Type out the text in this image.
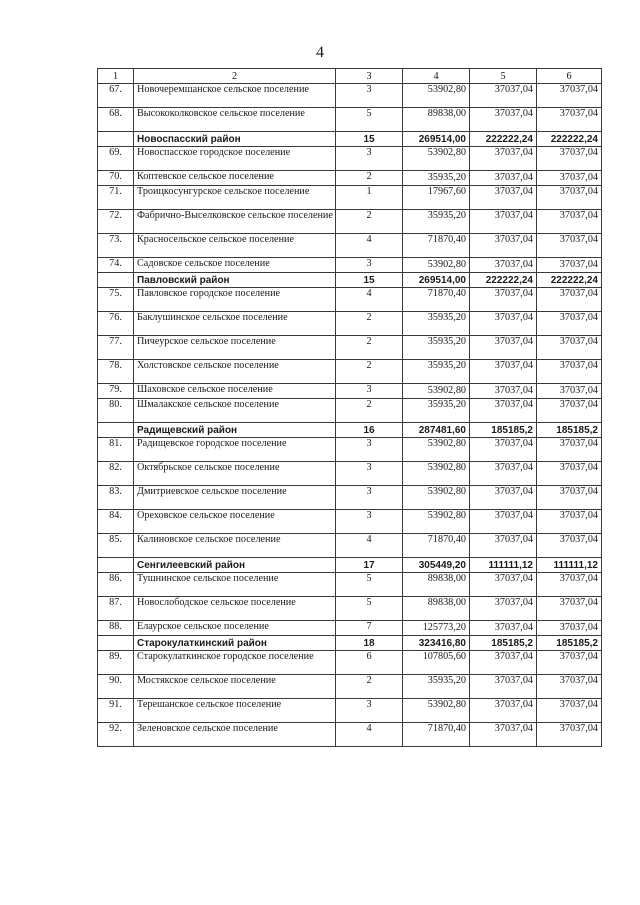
4
1	2	3	4	5	6
67.	Новочеремшанское сельское поселение	3	53902,80	37037,04	37037,04
68.	Высококолковское сельское поселение	5	89838,00	37037,04	37037,04
	Новоспасский район	15	269514,00	222222,24	222222,24
69.	Новоспасское городское поселение	3	53902,80	37037,04	37037,04
70.	Коптевское сельское поселение	2	35935,20	37037,04	37037,04
71.	Троицкосунгурское сельское поселение	1	17967,60	37037,04	37037,04
72.	Фабрично-Выселковское сельское поселение	2	35935,20	37037,04	37037,04
73.	Красносельское сельское поселение	4	71870,40	37037,04	37037,04
74.	Садовское сельское поселение	3	53902,80	37037,04	37037,04
	Павловский район	15	269514,00	222222,24	222222,24
75.	Павловское городское поселение	4	71870,40	37037,04	37037,04
76.	Баклушинское сельское поселение	2	35935,20	37037,04	37037,04
77.	Пичеурское сельское поселение	2	35935,20	37037,04	37037,04
78.	Холстовское сельское поселение	2	35935,20	37037,04	37037,04
79.	Шаховское сельское поселение	3	53902,80	37037,04	37037,04
80.	Шмалакское сельское поселение	2	35935,20	37037,04	37037,04
	Радищевский район	16	287481,60	185185,2	185185,2
81.	Радищевское городское поселение	3	53902,80	37037,04	37037,04
82.	Октябрьское сельское поселение	3	53902,80	37037,04	37037,04
83.	Дмитриевское сельское поселение	3	53902,80	37037,04	37037,04
84.	Ореховское сельское поселение	3	53902,80	37037,04	37037,04
85.	Калиновское сельское поселение	4	71870,40	37037,04	37037,04
	Сенгилеевский район	17	305449,20	111111,12	111111,12
86.	Тушнинское сельское поселение	5	89838,00	37037,04	37037,04
87.	Новослободское сельское поселение	5	89838,00	37037,04	37037,04
88.	Елаурское сельское поселение	7	125773,20	37037,04	37037,04
	Старокулаткинский район	18	323416,80	185185,2	185185,2
89.	Старокулаткинское городское поселение	6	107805,60	37037,04	37037,04
90.	Мостякское сельское поселение	2	35935,20	37037,04	37037,04
91.	Терешанское сельское поселение	3	53902,80	37037,04	37037,04
92.	Зеленовское сельское поселение	4	71870,40	37037,04	37037,04
